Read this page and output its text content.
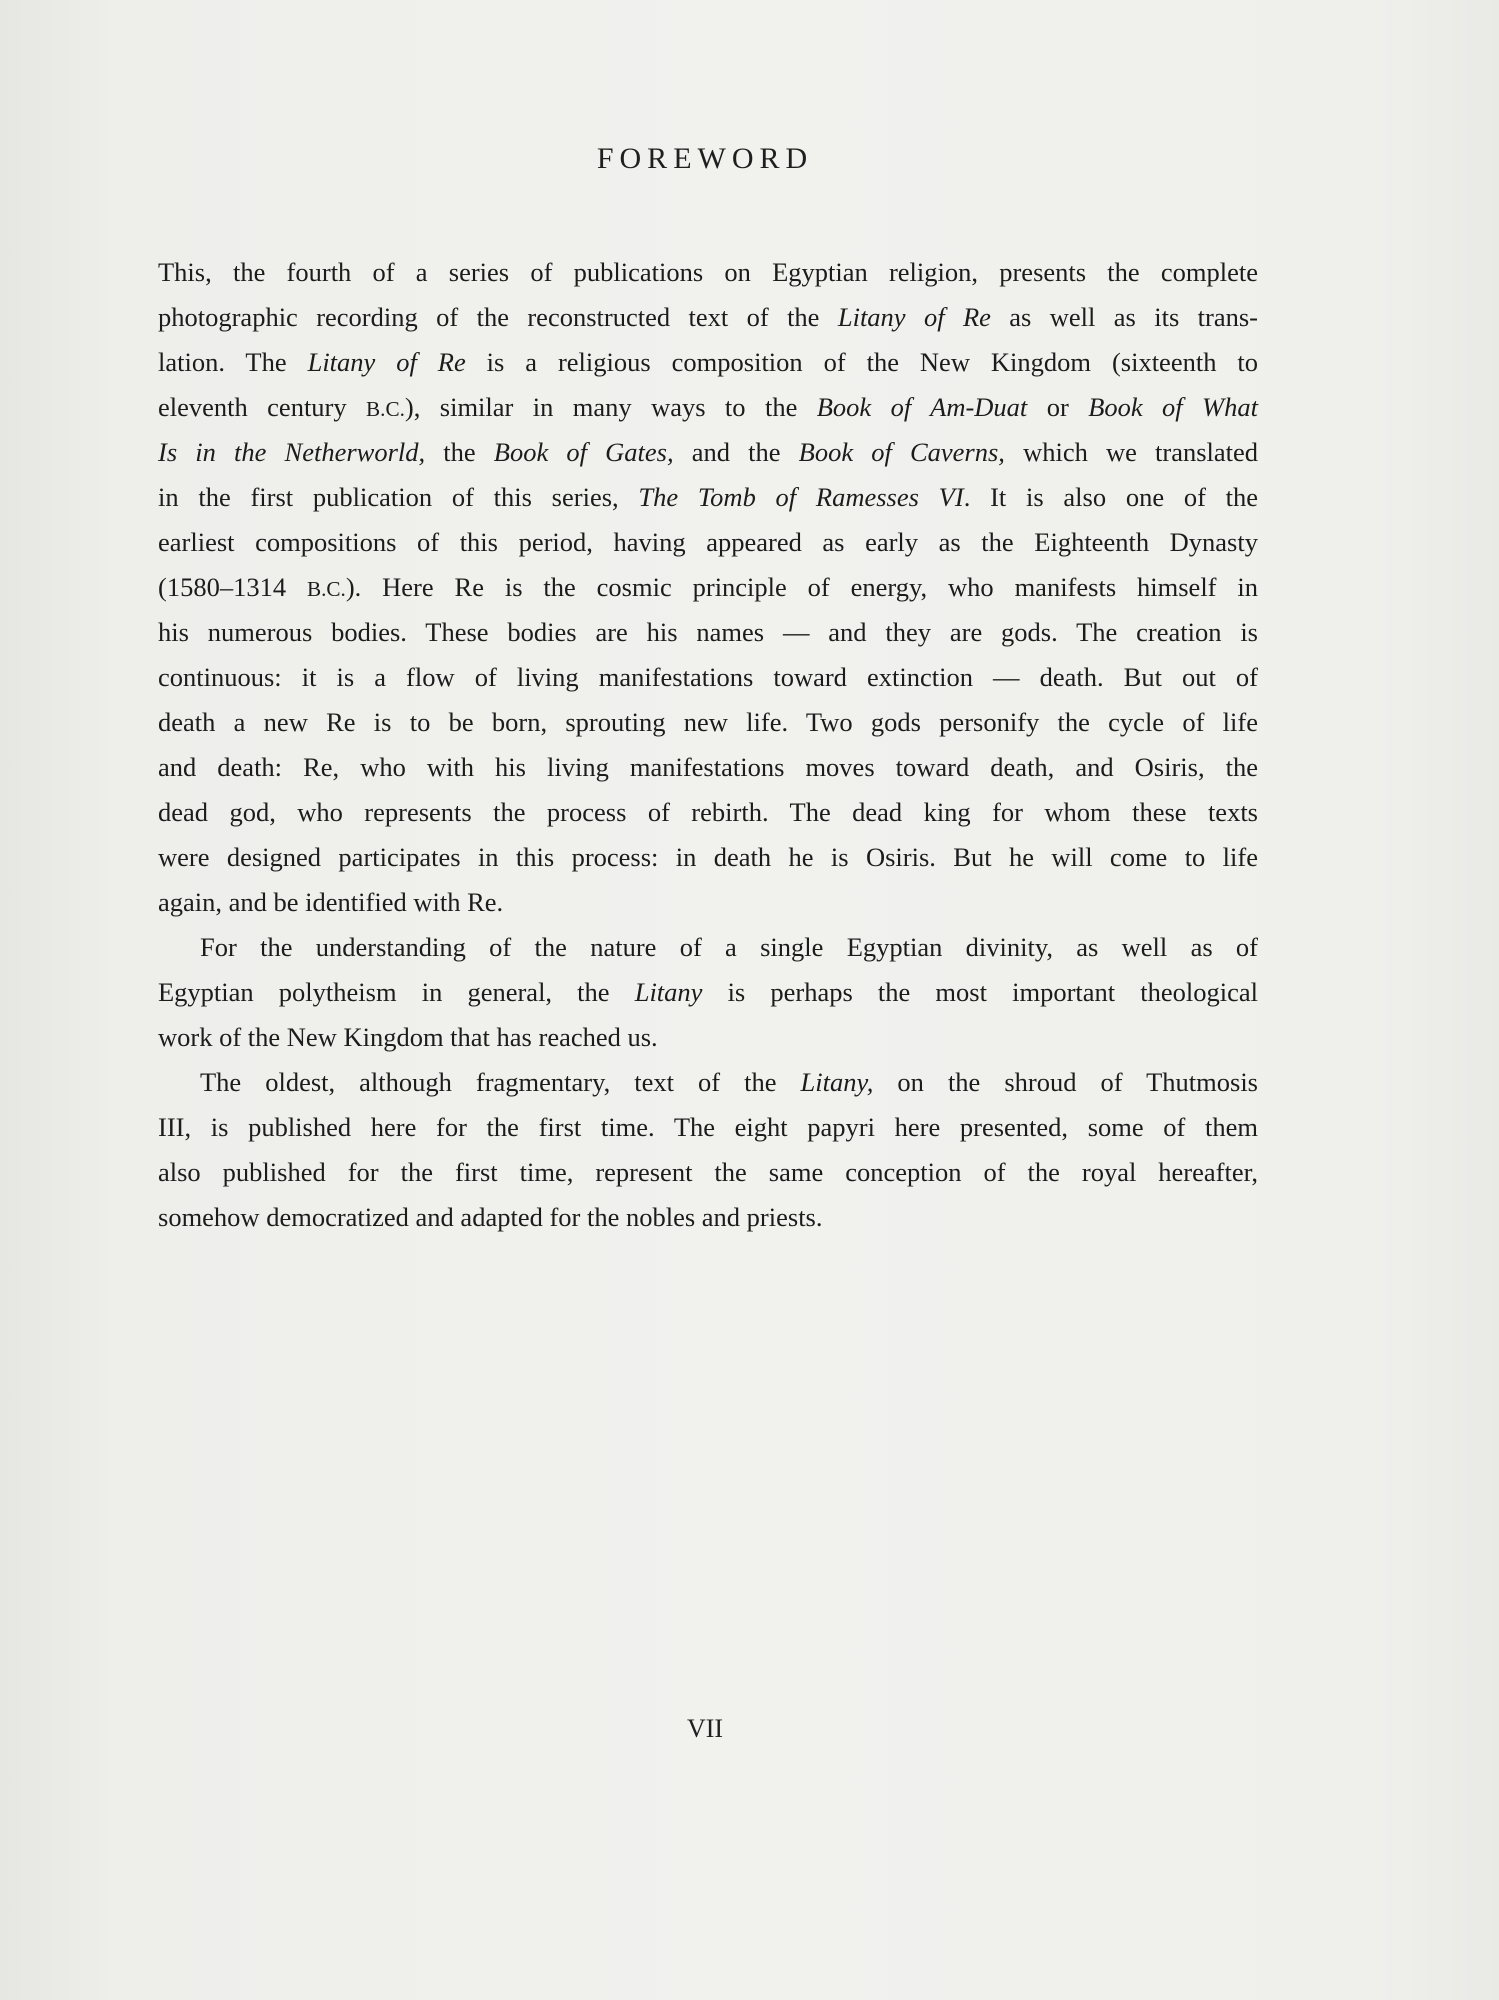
FOREWORD
This, the fourth of a series of publications on Egyptian religion, presents the complete
photographic recording of the reconstructed text of the Litany of Re as well as its trans-
lation. The Litany of Re is a religious composition of the New Kingdom (sixteenth to
eleventh century B.C.), similar in many ways to the Book of Am-Duat or Book of What
Is in the Netherworld, the Book of Gates, and the Book of Caverns, which we translated
in the first publication of this series, The Tomb of Ramesses VI. It is also one of the
earliest compositions of this period, having appeared as early as the Eighteenth Dynasty
(1580–1314 B.C.). Here Re is the cosmic principle of energy, who manifests himself in
his numerous bodies. These bodies are his names — and they are gods. The creation is
continuous: it is a flow of living manifestations toward extinction — death. But out of
death a new Re is to be born, sprouting new life. Two gods personify the cycle of life
and death: Re, who with his living manifestations moves toward death, and Osiris, the
dead god, who represents the process of rebirth. The dead king for whom these texts
were designed participates in this process: in death he is Osiris. But he will come to life
again, and be identified with Re.
For the understanding of the nature of a single Egyptian divinity, as well as of
Egyptian polytheism in general, the Litany is perhaps the most important theological
work of the New Kingdom that has reached us.
The oldest, although fragmentary, text of the Litany, on the shroud of Thutmosis
III, is published here for the first time. The eight papyri here presented, some of them
also published for the first time, represent the same conception of the royal hereafter,
somehow democratized and adapted for the nobles and priests.
VII
